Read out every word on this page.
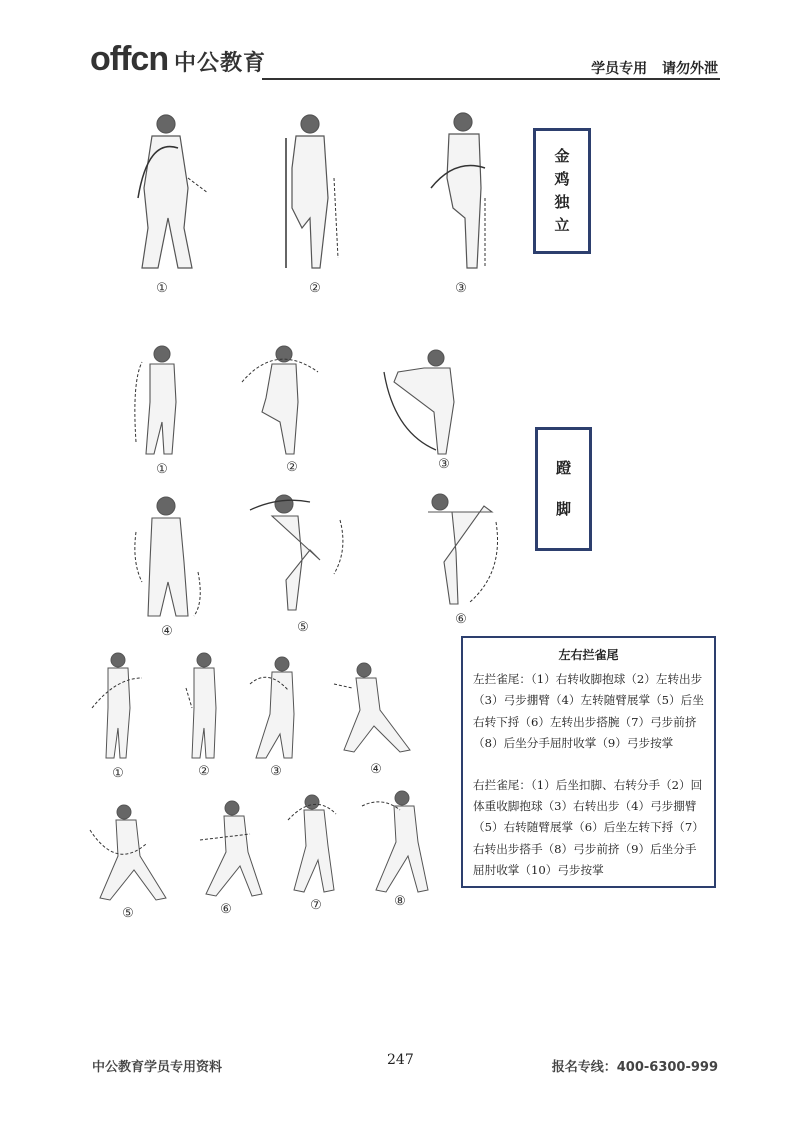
offcn 中公教育	学员专用 请勿外泄
①	②	③
金
鸡
独
立
①	②	③
④	⑤
⑥
蹬
脚
①	②	③	④
⑤	⑥	⑦	⑧
左右拦雀尾

左拦雀尾：（1）右转收脚抱球（2）左转出步（3）弓步掤臂（4）左转随臂展掌（5）后坐右转下捋（6）左转出步搭腕（7）弓步前挤（8）后坐分手屈肘收掌（9）弓步按掌

右拦雀尾：（1）后坐扣脚、右转分手（2）回体重收脚抱球（3）右转出步（4）弓步掤臂（5）右转随臂展掌（6）后坐左转下捋（7）右转出步搭手（8）弓步前挤（9）后坐分手屈肘收掌（10）弓步按掌

中公教育学员专用资料	247	报名专线：400-6300-999
